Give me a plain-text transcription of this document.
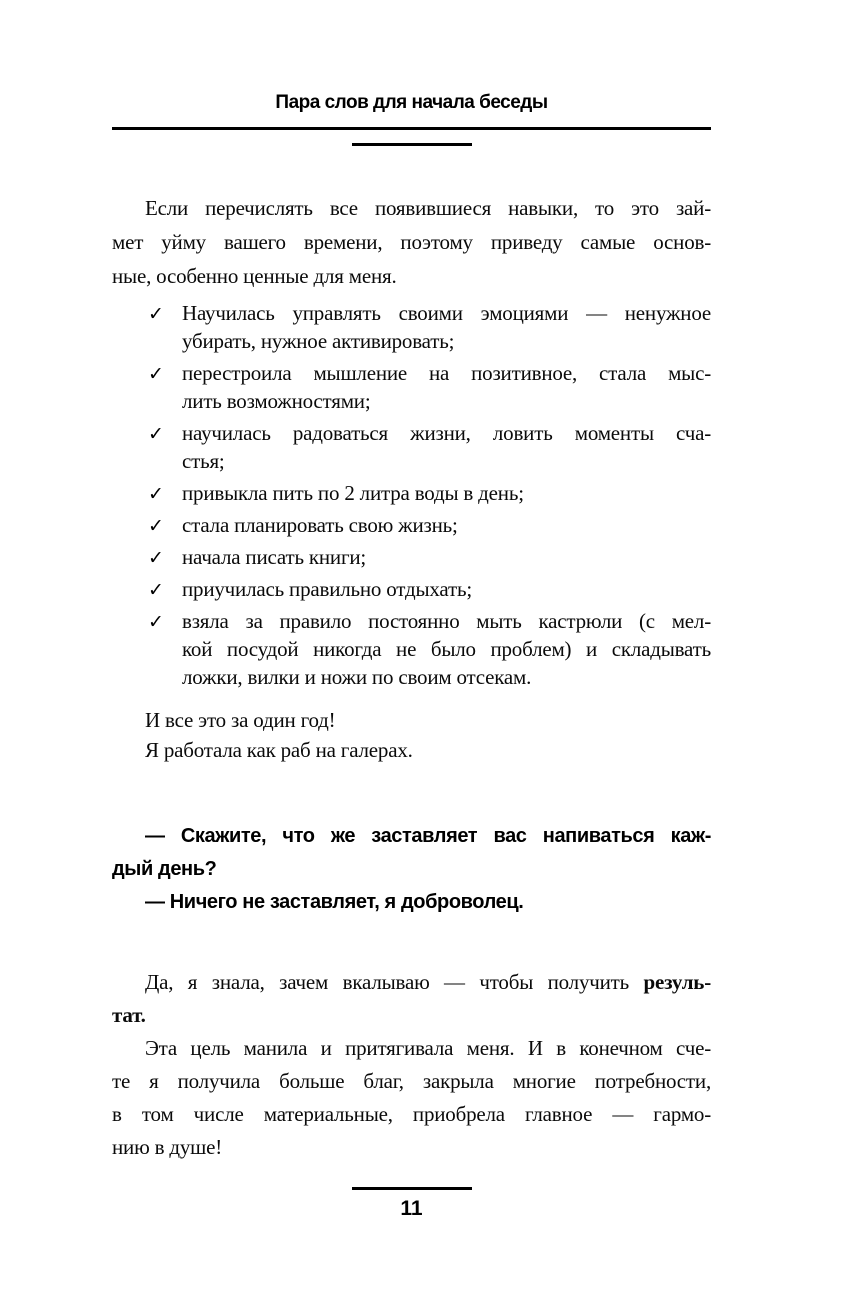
Пара слов для начала беседы
Если перечислять все появившиеся навыки, то это зай-
мет уйму вашего времени, поэтому приведу самые основ-
ные, особенно ценные для меня.
✓ Научилась управлять своими эмоциями — ненужное
убирать, нужное активировать;
✓ перестроила мышление на позитивное, стала мыс-
лить возможностями;
✓ научилась радоваться жизни, ловить моменты сча-
стья;
✓ привыкла пить по 2 литра воды в день;
✓ стала планировать свою жизнь;
✓ начала писать книги;
✓ приучилась правильно отдыхать;
✓ взяла за правило постоянно мыть кастрюли (с мел-
кой посудой никогда не было проблем) и складывать
ложки, вилки и ножи по своим отсекам.
И все это за один год!
Я работала как раб на галерах.
— Скажите, что же заставляет вас напиваться каж-
дый день?
— Ничего не заставляет, я доброволец.
Да, я знала, зачем вкалываю — чтобы получить резуль-
тат.
Эта цель манила и притягивала меня. И в конечном сче-
те я получила больше благ, закрыла многие потребности,
в том числе материальные, приобрела главное — гармо-
нию в душе!
11
